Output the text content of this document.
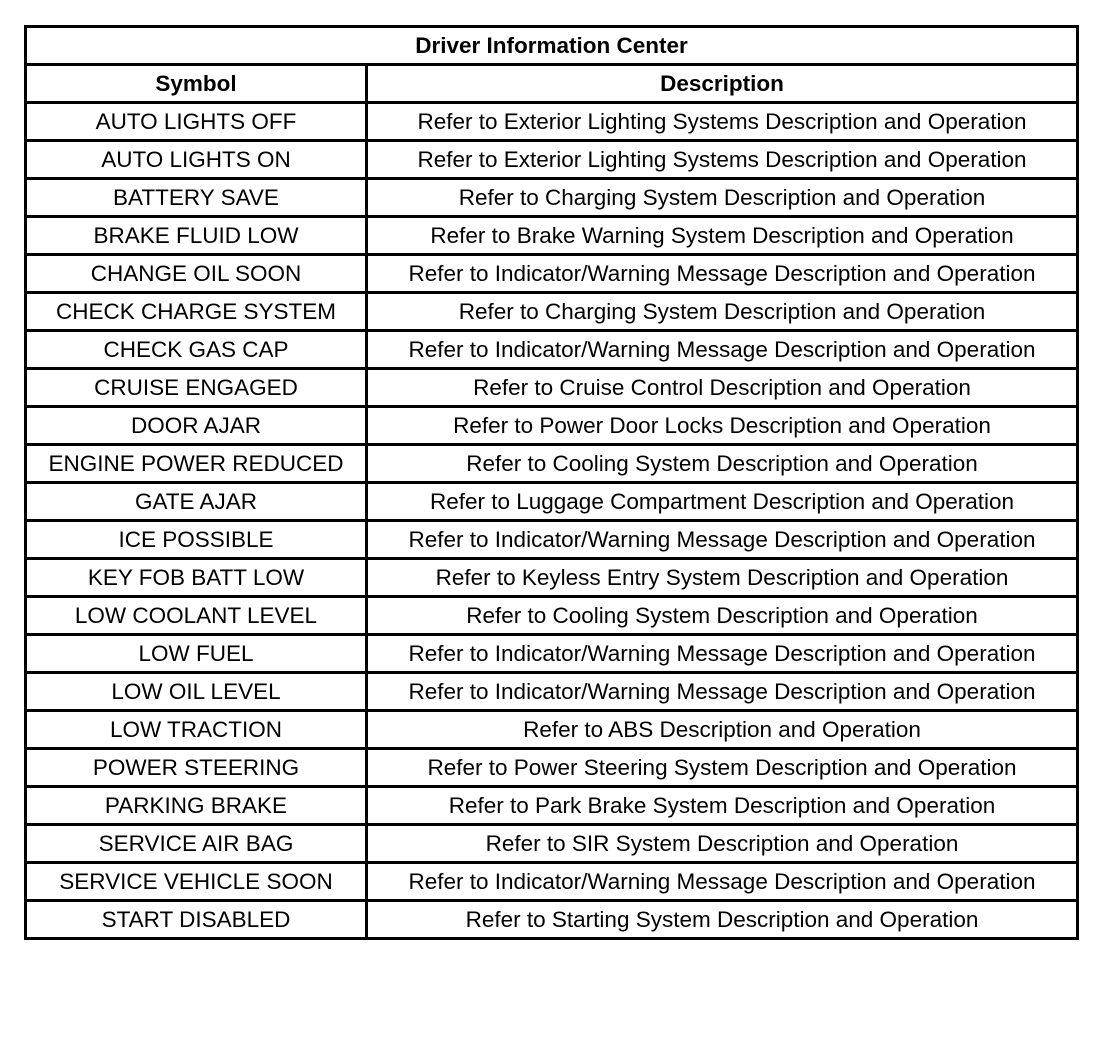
Driver Information Center	
Symbol	Description
AUTO LIGHTS OFF	Refer to Exterior Lighting Systems Description and Operation
AUTO LIGHTS ON	Refer to Exterior Lighting Systems Description and Operation
BATTERY SAVE	Refer to Charging System Description and Operation
BRAKE FLUID LOW	Refer to Brake Warning System Description and Operation
CHANGE OIL SOON	Refer to Indicator/Warning Message Description and Operation
CHECK CHARGE SYSTEM	Refer to Charging System Description and Operation
CHECK GAS CAP	Refer to Indicator/Warning Message Description and Operation
CRUISE ENGAGED	Refer to Cruise Control Description and Operation
DOOR AJAR	Refer to Power Door Locks Description and Operation
ENGINE POWER REDUCED	Refer to Cooling System Description and Operation
GATE AJAR	Refer to Luggage Compartment Description and Operation
ICE POSSIBLE	Refer to Indicator/Warning Message Description and Operation
KEY FOB BATT LOW	Refer to Keyless Entry System Description and Operation
LOW COOLANT LEVEL	Refer to Cooling System Description and Operation
LOW FUEL	Refer to Indicator/Warning Message Description and Operation
LOW OIL LEVEL	Refer to Indicator/Warning Message Description and Operation
LOW TRACTION	Refer to ABS Description and Operation
POWER STEERING	Refer to Power Steering System Description and Operation
PARKING BRAKE	Refer to Park Brake System Description and Operation
SERVICE AIR BAG	Refer to SIR System Description and Operation
SERVICE VEHICLE SOON	Refer to Indicator/Warning Message Description and Operation
START DISABLED	Refer to Starting System Description and Operation
